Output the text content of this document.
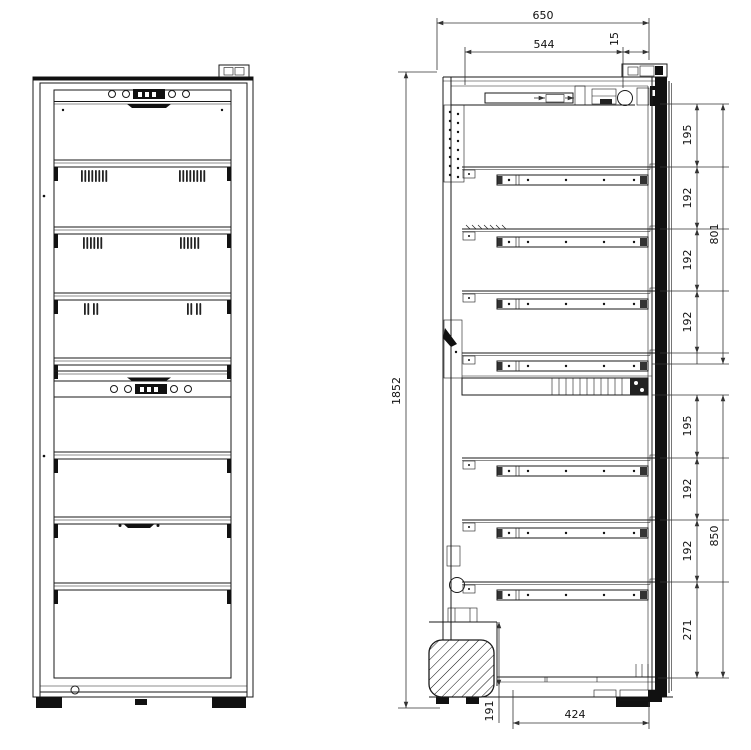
650
544	15
1852
195
192
192
192
801
195
192
192
271
850
191	424
